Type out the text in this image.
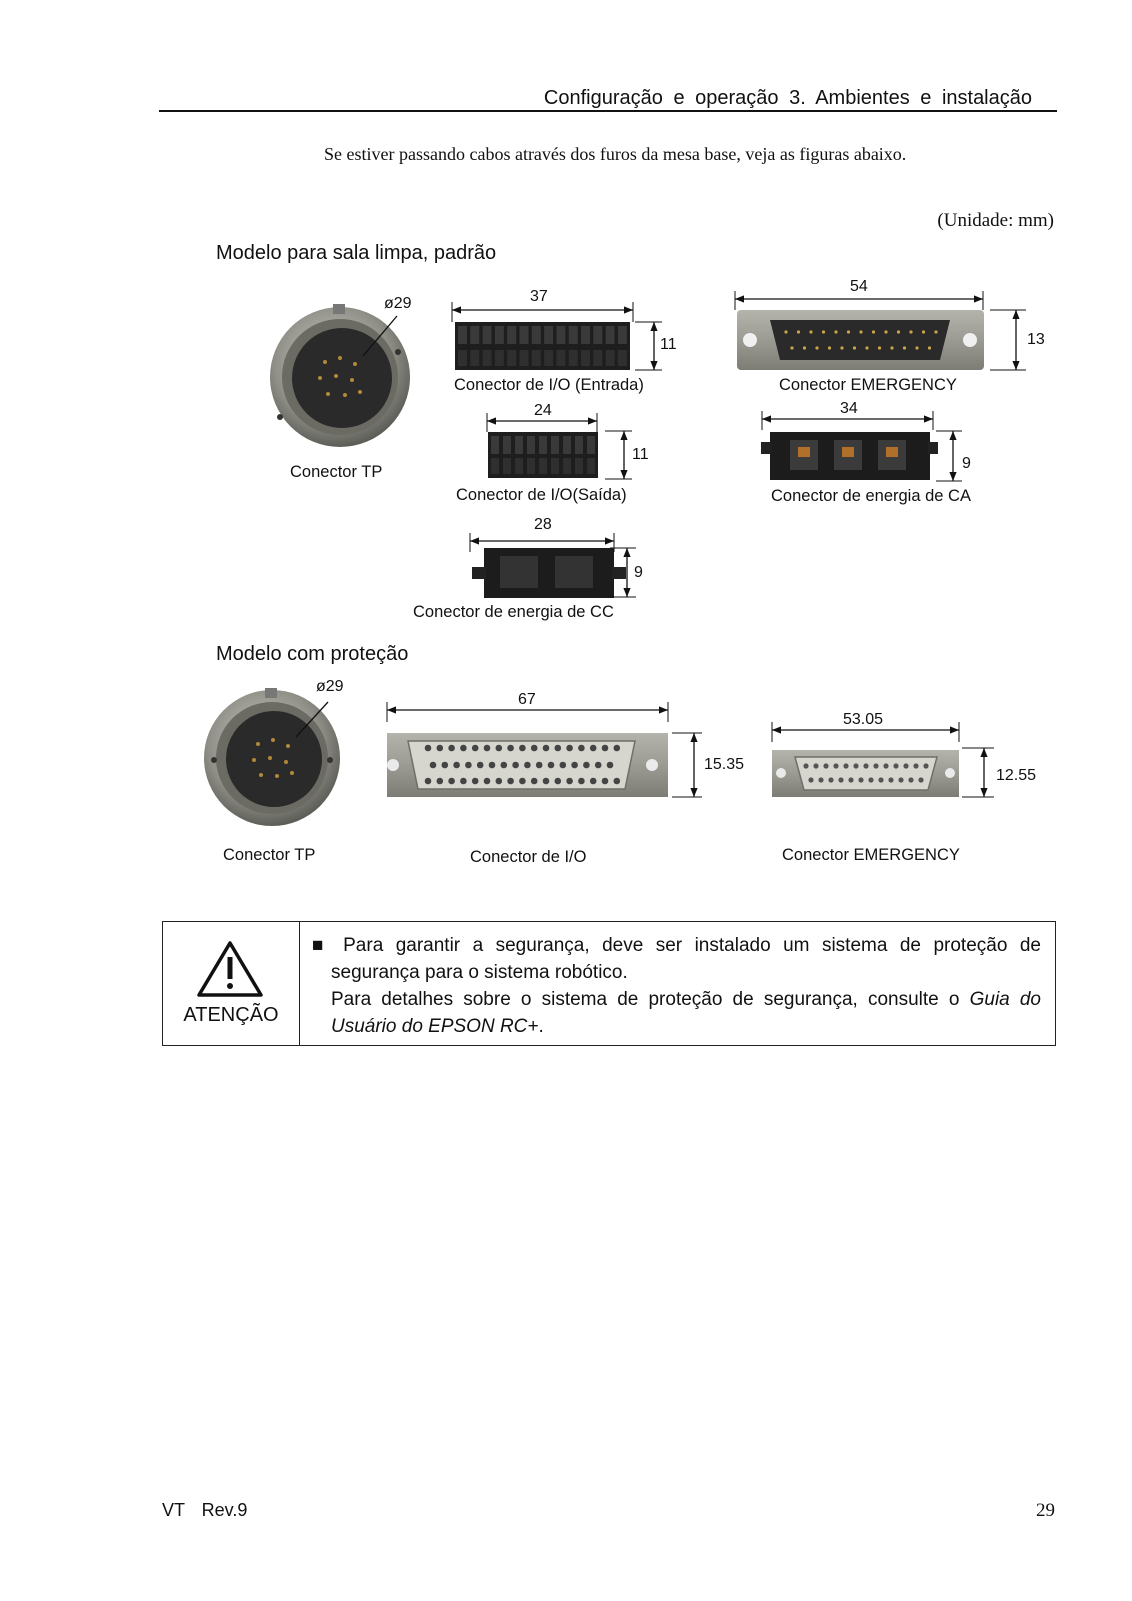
Configuração e operação 3. Ambientes e instalação
Se estiver passando cabos através dos furos da mesa base, veja as figuras abaixo.
(Unidade: mm)
Modelo para sala limpa, padrão
ø29
Conector TP
37
11
Conector de I/O (Entrada)
24
11
Conector de I/O(Saída)
54
13
Conector EMERGENCY
34
9
Conector de energia de CA
28
9
Conector de energia de CC
Modelo com proteção
ø29
Conector TP
67
15.35
Conector de I/O
53.05
12.55
Conector EMERGENCY
ATENÇÃO
■ Para garantir a segurança, deve ser instalado um sistema de proteção de
segurança para o sistema robótico.
Para detalhes sobre o sistema de proteção de segurança, consulte o Guia do
Usuário do EPSON RC+.
VT Rev.9	29
